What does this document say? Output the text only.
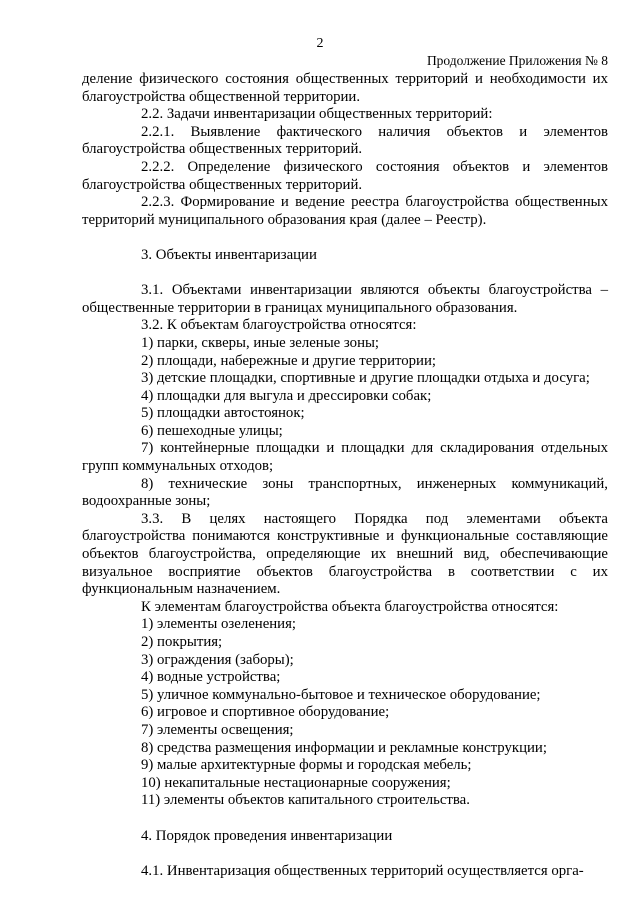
2
Продолжение Приложения № 8

деление физического состояния общественных территорий и необходимости их благоустройства общественной территории.

2.2. Задачи инвентаризации общественных территорий:

2.2.1. Выявление фактического наличия объектов и элементов благоустройства общественных территорий.

2.2.2. Определение физического состояния объектов и элементов благоустройства общественных территорий.

2.2.3. Формирование и ведение реестра благоустройства общественных территорий муниципального образования края (далее – Реестр).

3. Объекты инвентаризации

3.1. Объектами инвентаризации являются объекты благоустройства – общественные территории в границах муниципального образования.

3.2. К объектам благоустройства относятся:

1) парки, скверы, иные зеленые зоны;

2) площади, набережные и другие территории;

3) детские площадки, спортивные и другие площадки отдыха и досуга;

4) площадки для выгула и дрессировки собак;

5) площадки автостоянок;

6) пешеходные улицы;

7) контейнерные площадки и площадки для складирования отдельных групп коммунальных отходов;

8) технические зоны транспортных, инженерных коммуникаций, водоохранные зоны;

3.3. В целях настоящего Порядка под элементами объекта благоустройства понимаются конструктивные и функциональные составляющие объектов благоустройства, определяющие их внешний вид, обеспечивающие визуальное восприятие объектов благоустройства в соответствии с их функциональным назначением.

К элементам благоустройства объекта благоустройства относятся:

1) элементы озеленения;

2) покрытия;

3) ограждения (заборы);

4) водные устройства;

5) уличное коммунально-бытовое и техническое оборудование;

6) игровое и спортивное оборудование;

7) элементы освещения;

8) средства размещения информации и рекламные конструкции;

9) малые архитектурные формы и городская мебель;

10) некапитальные нестационарные сооружения;

11) элементы объектов капитального строительства.

4. Порядок проведения инвентаризации

4.1. Инвентаризация общественных территорий осуществляется орга-
